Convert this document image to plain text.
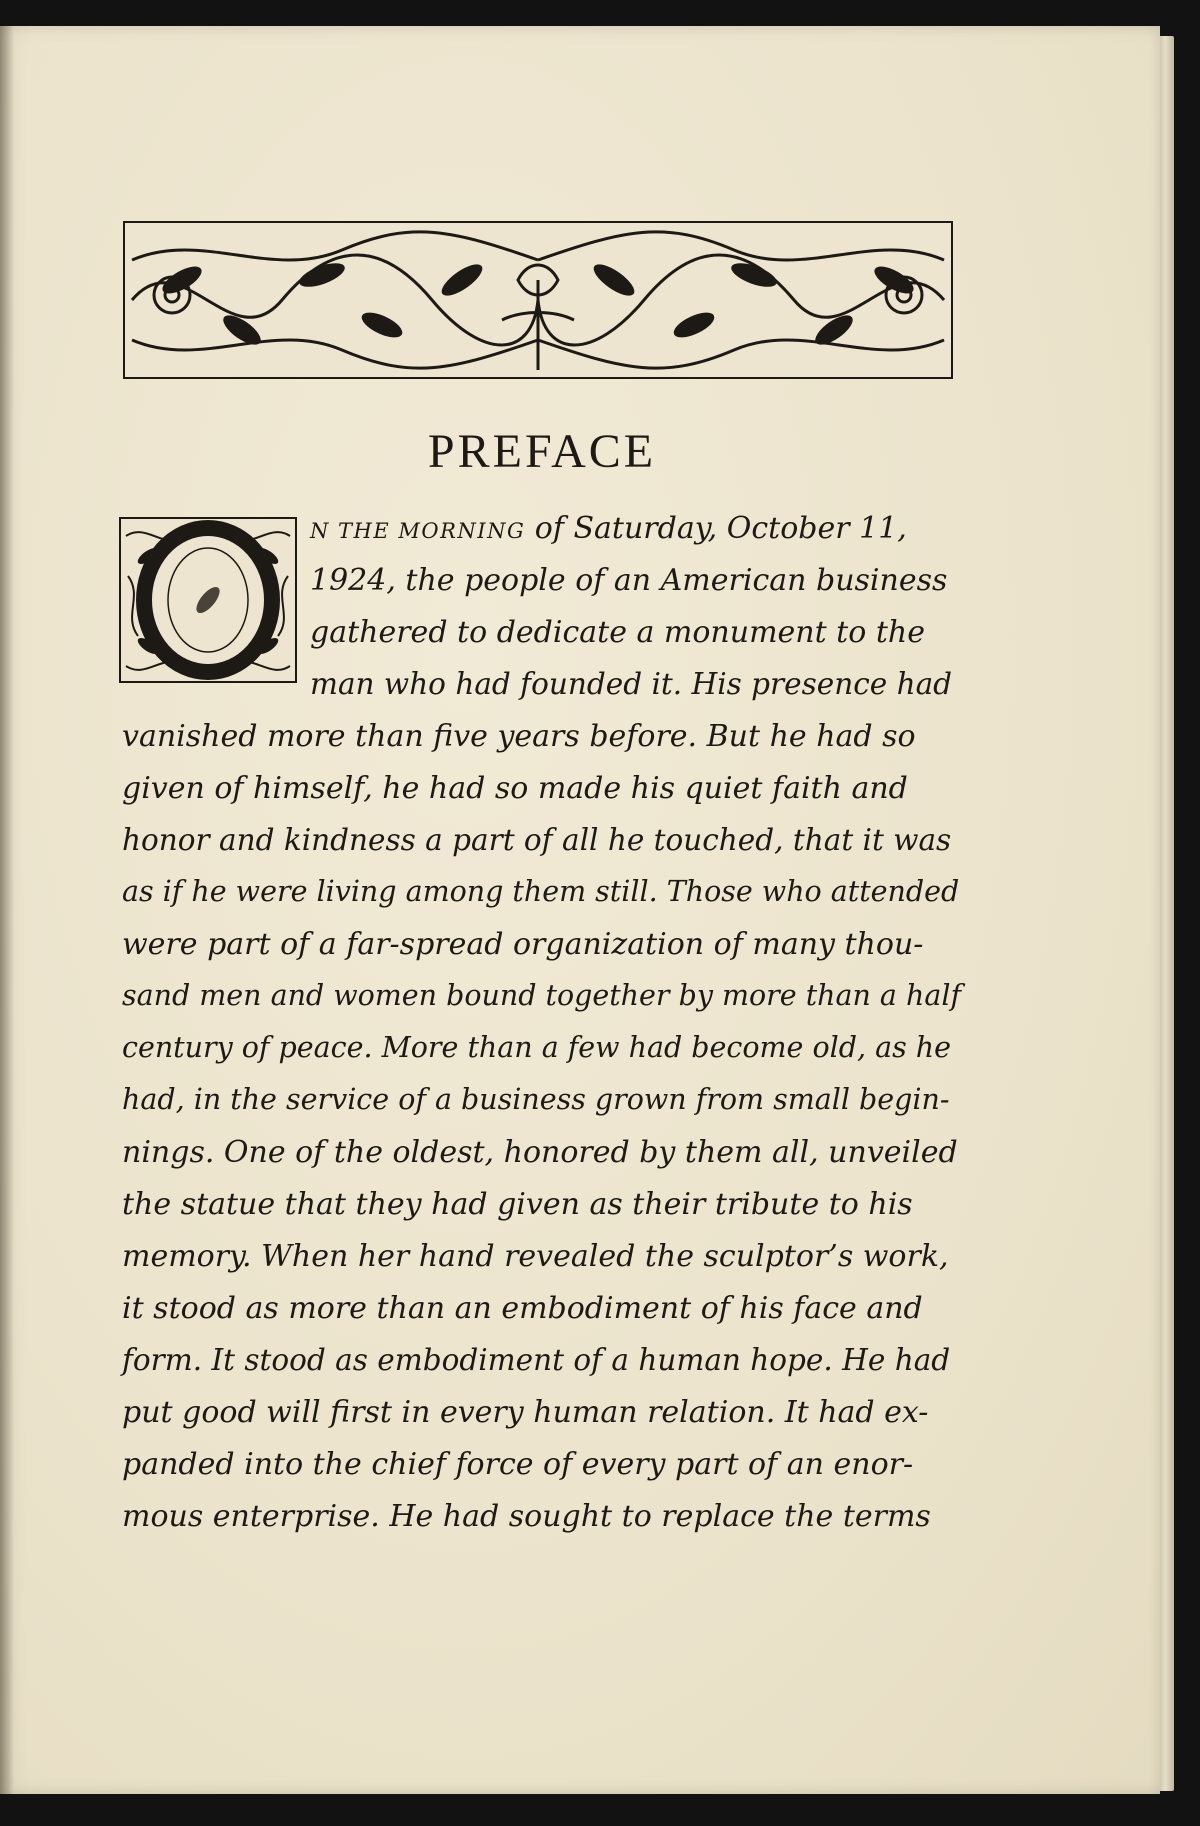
PREFACE
N THE MORNING of Saturday, October 11,
1924, the people of an American business
gathered to dedicate a monument to the
man who had founded it. His presence had
vanished more than five years before. But he had so
given of himself, he had so made his quiet faith and
honor and kindness a part of all he touched, that it was
as if he were living among them still. Those who attended
were part of a far-spread organization of many thou-
sand men and women bound together by more than a half
century of peace. More than a few had become old, as he
had, in the service of a business grown from small begin-
nings. One of the oldest, honored by them all, unveiled
the statue that they had given as their tribute to his
memory. When her hand revealed the sculptor’s work,
it stood as more than an embodiment of his face and
form. It stood as embodiment of a human hope. He had
put good will first in every human relation. It had ex-
panded into the chief force of every part of an enor-
mous enterprise. He had sought to replace the terms
